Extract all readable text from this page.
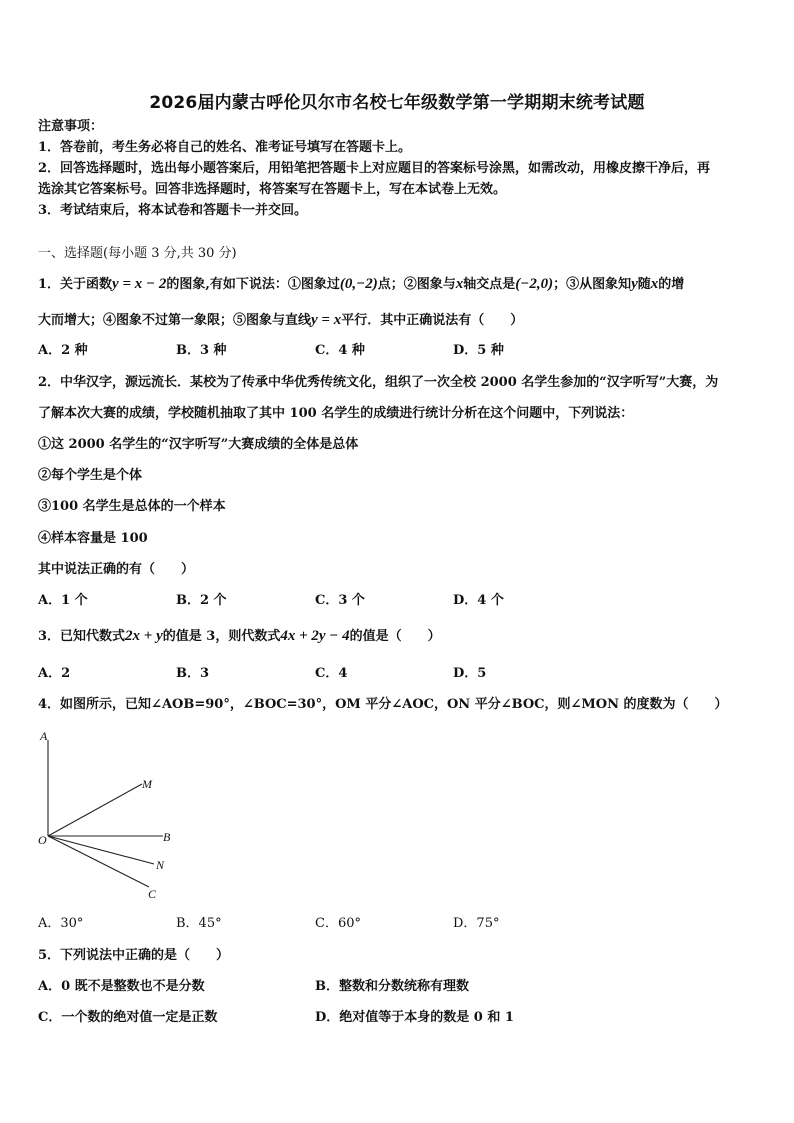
2026届内蒙古呼伦贝尔市名校七年级数学第一学期期末统考试题
注意事项：
1．答卷前，考生务必将自己的姓名、准考证号填写在答题卡上。
2．回答选择题时，选出每小题答案后，用铅笔把答题卡上对应题目的答案标号涂黑，如需改动，用橡皮擦干净后，再
选涂其它答案标号。回答非选择题时，将答案写在答题卡上，写在本试卷上无效。
3．考试结束后，将本试卷和答题卡一并交回。
一、选择题(每小题 3 分,共 30 分)
1．关于函数y = x − 2的图象,有如下说法：①图象过(0,−2)点；②图象与x轴交点是(−2,0)；③从图象知y随x的增
大而增大；④图象不过第一象限；⑤图象与直线y = x平行．其中正确说法有（　　）
A．2 种	B．3 种	C．4 种	D．5 种
2．中华汉字，源远流长．某校为了传承中华优秀传统文化，组织了一次全校 2000 名学生参加的“汉字听写”大赛，为
了解本次大赛的成绩，学校随机抽取了其中 100 名学生的成绩进行统计分析在这个问题中，下列说法：
①这 2000 名学生的“汉字听写”大赛成绩的全体是总体
②每个学生是个体
③100 名学生是总体的一个样本
④样本容量是 100
其中说法正确的有（　　）
A．1 个	B．2 个	C．3 个	D．4 个
3．已知代数式2x + y的值是 3，则代数式4x + 2y − 4的值是（　　）
A．2	B．3	C．4	D．5
4．如图所示，已知∠AOB=90°，∠BOC=30°，OM 平分∠AOC，ON 平分∠BOC，则∠MON 的度数为（　　）
A
M
O	B
N
C
A．30°	B．45°	C．60°	D．75°
5．下列说法中正确的是（　　）
A．0 既不是整数也不是分数	B．整数和分数统称有理数
C．一个数的绝对值一定是正数	D．绝对值等于本身的数是 0 和 1
